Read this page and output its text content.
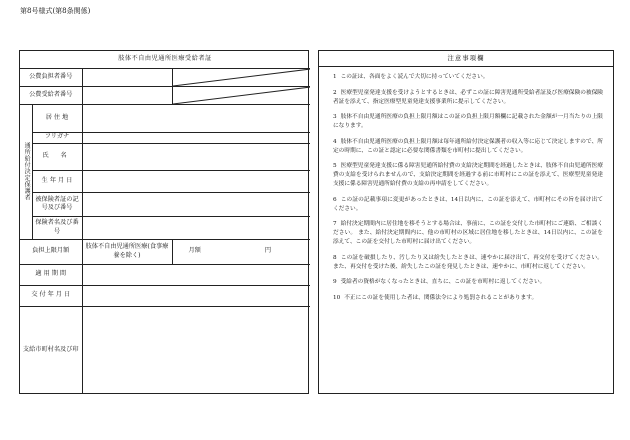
第8号様式(第8条関係)
肢体不自由児通所医療受給者証			
公費負担者番号		

公費受給者番号		

通所給付決定保護者	居 住 地		
	フリガナ		
	氏 名		
	生 年 月 日		
	被保険者証の記号及び番号		
	保険者名及び番号		
負担上限月額		肢体不自由児通所医療(食事療養を除く)	月額 円
適 用 期 間			
交 付 年 月 日			
支給市町村名及び印			
注意事項欄
1 この証は、各面をよく読んで大切に持っていてください。
2 医療型児童発達支援を受けようとするときは、必ずこの証に障害児通所受給者証及び医療保険の被保険者証を添えて、指定医療型児童発達支援事業所に提示してください。
3 肢体不自由児通所医療の負担上限月額はこの証の負担上限月額欄に記載された金額が一月当たりの上限になります。
4 肢体不自由児通所医療の負担上限月額は毎年通所給付決定保護者の収入等に応じて決定しますので、所定の時期に、この証と認定に必要な関係書類を市町村に提出してください。
5 医療型児童発達支援に係る障害児通所給付費の支給決定期間を経過したときは、肢体不自由児通所医療費の支給を受けられませんので、支給決定期間を経過する前に市町村にこの証を添えて、医療型児童発達支援に係る障害児通所給付費の支給の再申請をしてください。
6 この証の記載事項に変更があったときは、14日以内に、この証を添えて、市町村にその旨を届け出てください。
7 給付決定期間内に居住地を移そうとする場合は、事前に、この証を交付した市町村にご連絡、ご相談ください。 また、給付決定期間内に、他の市町村の区域に居住地を移したときは、14日以内に、この証を添えて、この証を交付した市町村に届け出てください。
8 この証を破損したり、汚したり又は紛失したときは、速やかに届け出て、再交付を受けてください。 また、再交付を受けた後、紛失したこの証を発見したときは、速やかに、市町村に返してください。
9 受給者の資格がなくなったときは、直ちに、この証を市町村に返してください。
10 不正にこの証を使用した者は、関係法令により処罰されることがあります。
